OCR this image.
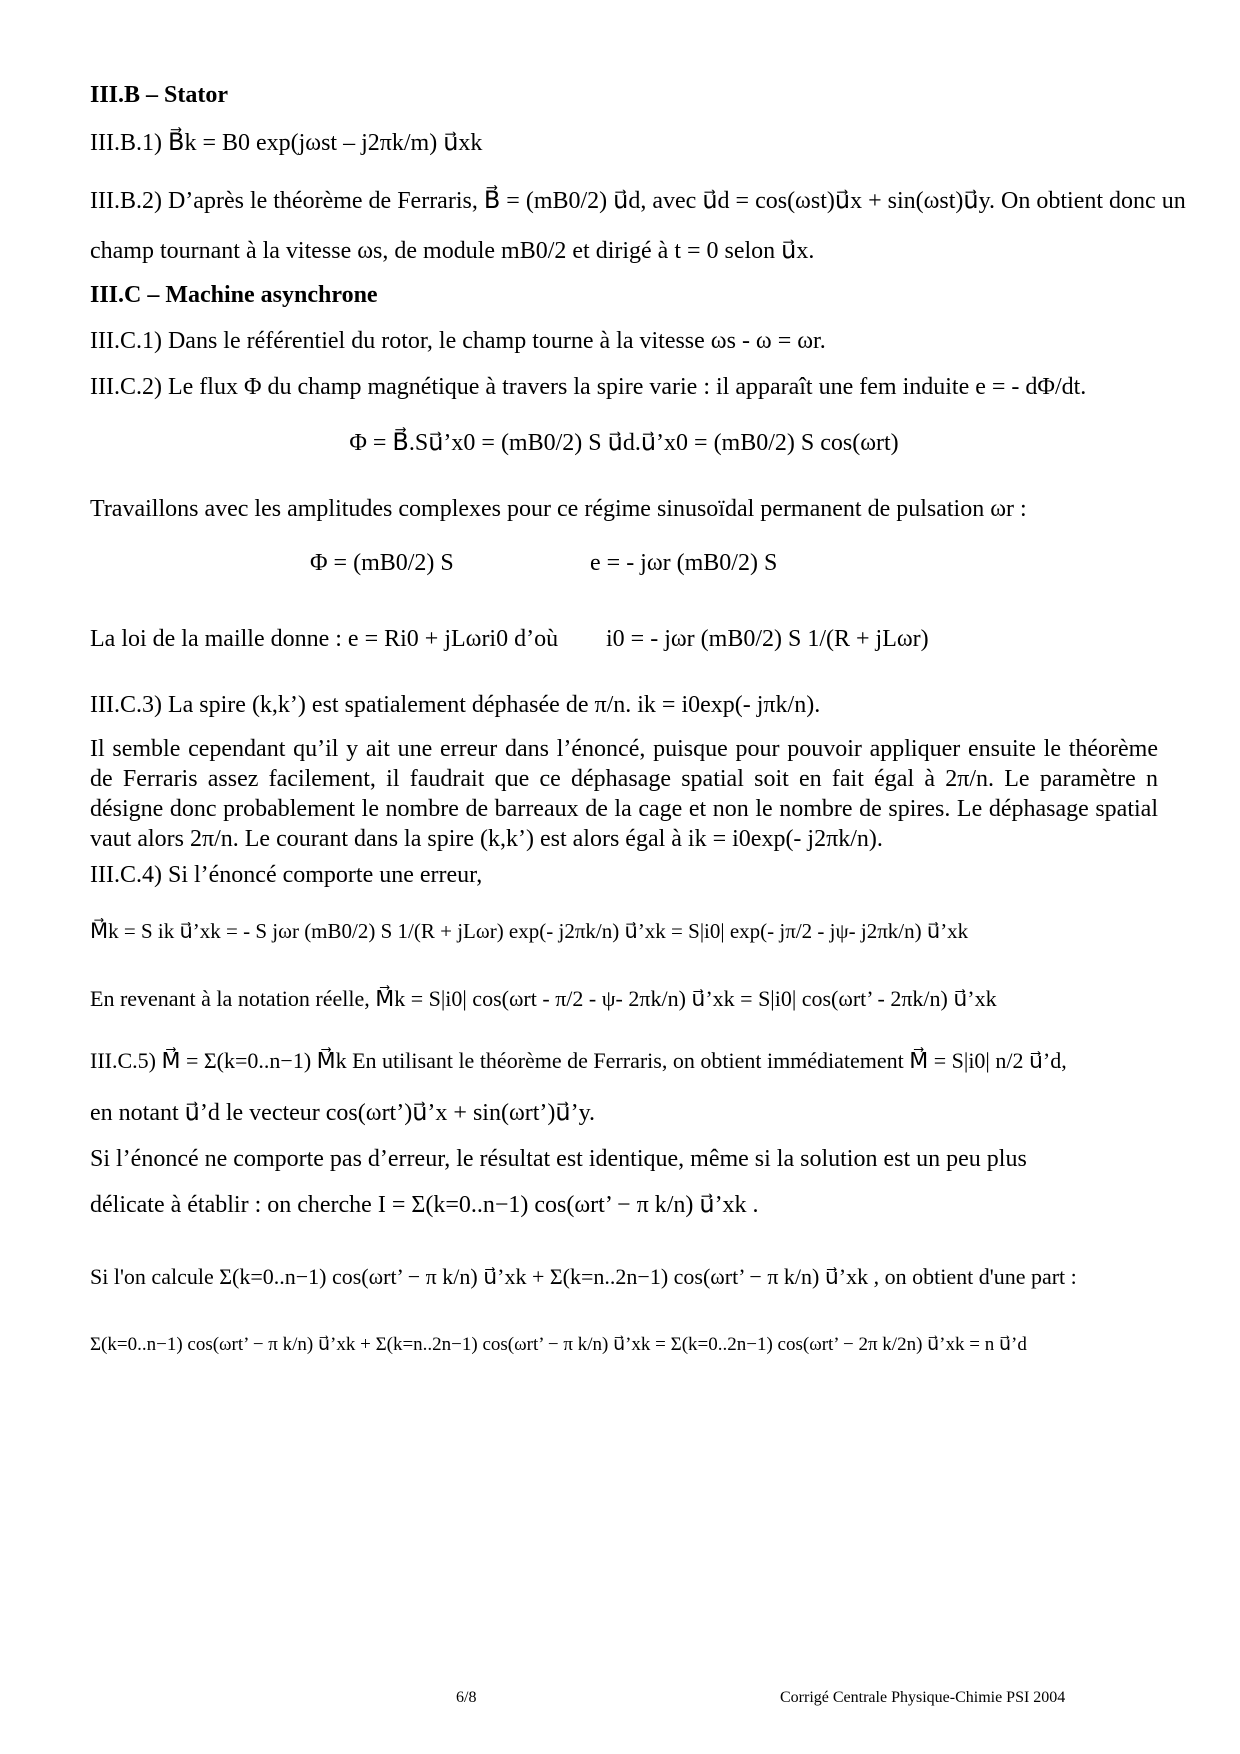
III.B – Stator
III.B.1) B⃗k = B0 exp(jωst – j2πk/m) u⃗xk
III.B.2) D’après le théorème de Ferraris, B⃗ = (mB0/2) u⃗d, avec u⃗d = cos(ωst)u⃗x + sin(ωst)u⃗y. On obtient donc un
champ tournant à la vitesse ωs, de module mB0/2 et dirigé à t = 0 selon u⃗x.
III.C – Machine asynchrone
III.C.1) Dans le référentiel du rotor, le champ tourne à la vitesse ωs - ω = ωr.
III.C.2) Le flux Φ du champ magnétique à travers la spire varie : il apparaît une fem induite e = - dΦ/dt.
Φ = B⃗.Su⃗’x0 = (mB0/2) S u⃗d.u⃗’x0 = (mB0/2) S cos(ωrt)
Travaillons avec les amplitudes complexes pour ce régime sinusoïdal permanent de pulsation ωr :
Φ = (mB0/2) S	e = - jωr (mB0/2) S
La loi de la maille donne : e = Ri0 + jLωri0 d’où	i0 = - jωr (mB0/2) S 1/(R + jLωr)
III.C.3) La spire (k,k’) est spatialement déphasée de π/n. ik = i0exp(- jπk/n).
Il semble cependant qu’il y ait une erreur dans l’énoncé, puisque pour pouvoir appliquer ensuite le théorème de Ferraris assez facilement, il faudrait que ce déphasage spatial soit en fait égal à 2π/n. Le paramètre n désigne donc probablement le nombre de barreaux de la cage et non le nombre de spires. Le déphasage spatial vaut alors 2π/n. Le courant dans la spire (k,k’) est alors égal à ik = i0exp(- j2πk/n).
III.C.4) Si l’énoncé comporte une erreur,
M⃗k = S ik u⃗’xk = - S jωr (mB0/2) S 1/(R + jLωr) exp(- j2πk/n) u⃗’xk = S|i0| exp(- jπ/2 - jψ- j2πk/n) u⃗’xk
En revenant à la notation réelle, M⃗k = S|i0| cos(ωrt - π/2 - ψ- 2πk/n) u⃗’xk = S|i0| cos(ωrt’ - 2πk/n) u⃗’xk
III.C.5) M⃗ = Σ(k=0..n−1) M⃗k En utilisant le théorème de Ferraris, on obtient immédiatement M⃗ = S|i0| n/2 u⃗’d,
en notant u⃗’d le vecteur cos(ωrt’)u⃗’x + sin(ωrt’)u⃗’y.
Si l’énoncé ne comporte pas d’erreur, le résultat est identique, même si la solution est un peu plus
délicate à établir : on cherche I = Σ(k=0..n−1) cos(ωrt’ − π k/n) u⃗’xk .
Si l'on calcule Σ(k=0..n−1) cos(ωrt’ − π k/n) u⃗’xk + Σ(k=n..2n−1) cos(ωrt’ − π k/n) u⃗’xk , on obtient d'une part :
Σ(k=0..n−1) cos(ωrt’ − π k/n) u⃗’xk + Σ(k=n..2n−1) cos(ωrt’ − π k/n) u⃗’xk = Σ(k=0..2n−1) cos(ωrt’ − 2π k/2n) u⃗’xk = n u⃗’d
6/8	Corrigé Centrale Physique-Chimie PSI 2004
